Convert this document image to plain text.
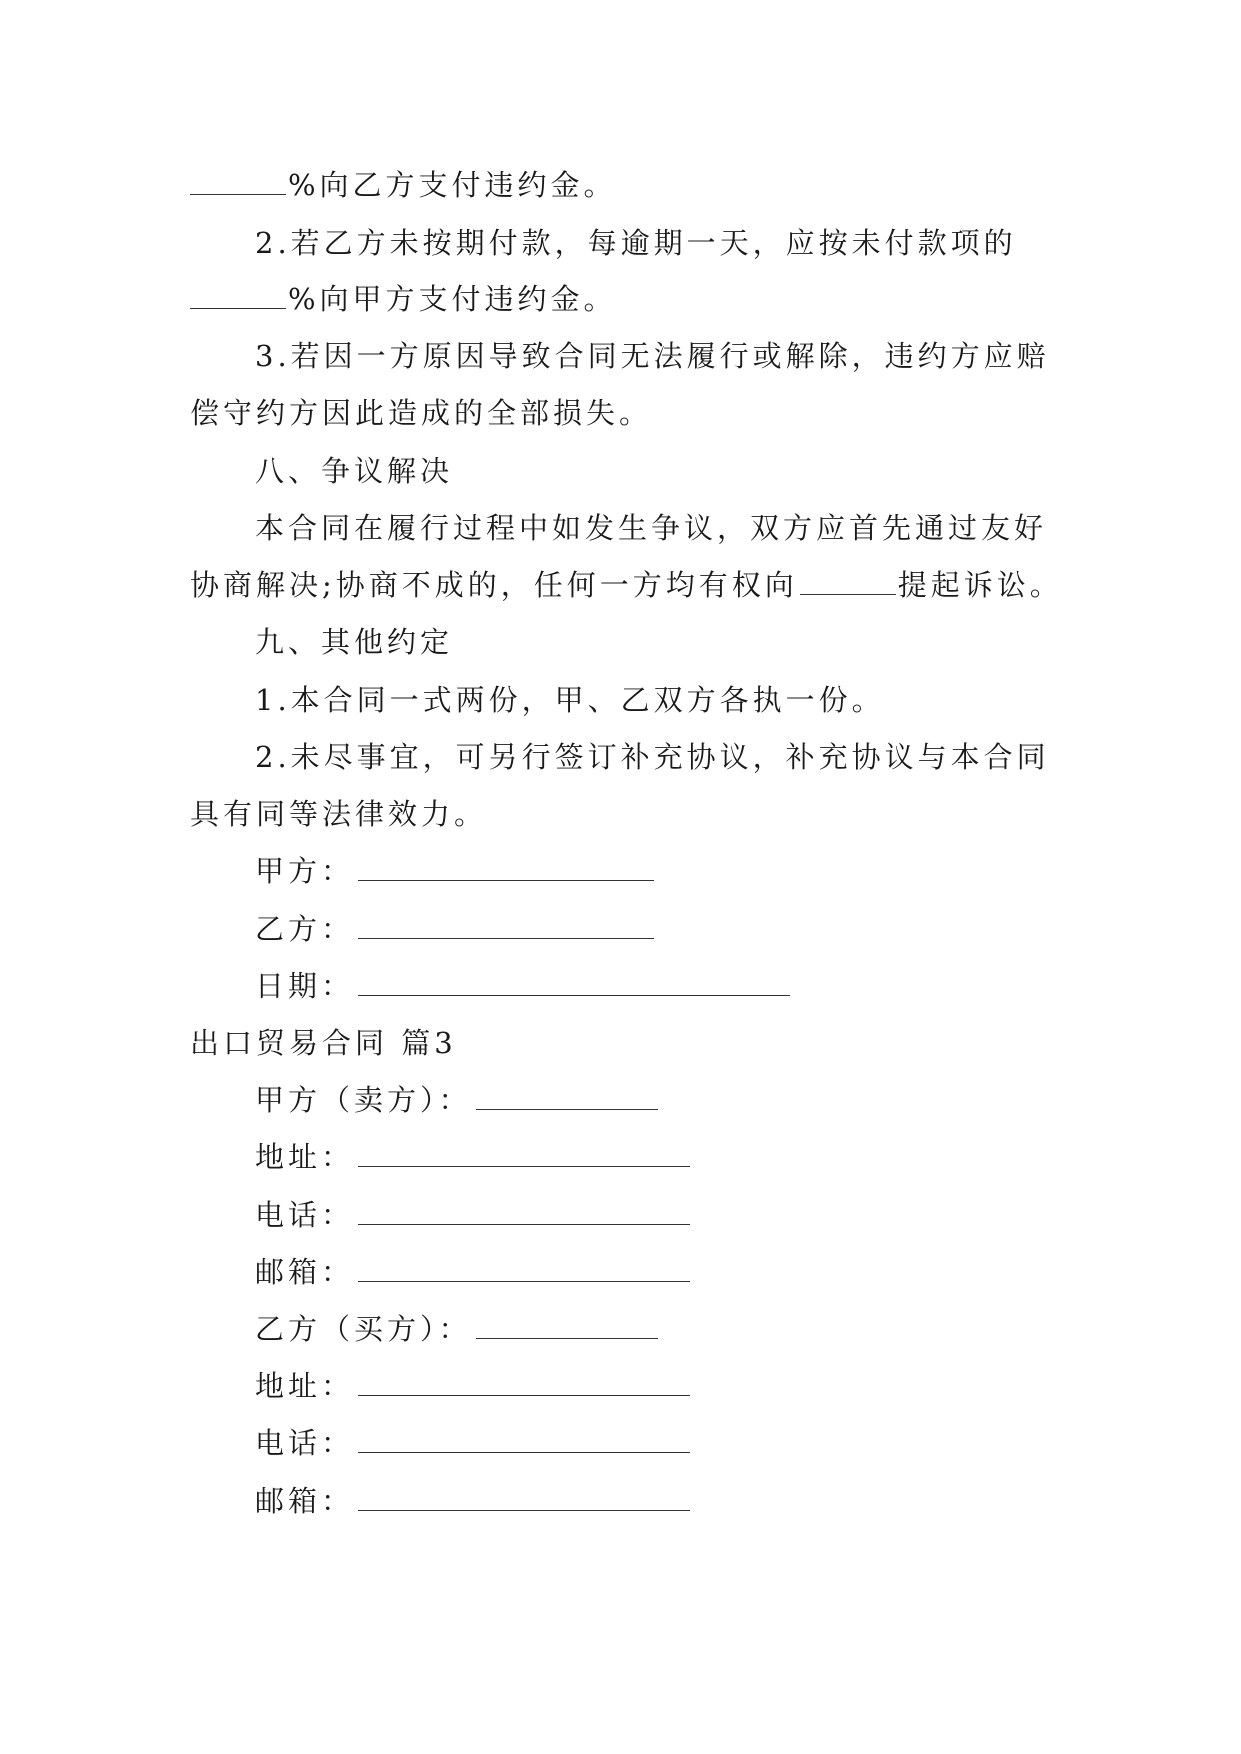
%向乙方支付违约金。
2.若乙方未按期付款，每逾期一天，应按未付款项的
%向甲方支付违约金。
3.若因一方原因导致合同无法履行或解除，违约方应赔
偿守约方因此造成的全部损失。
八、争议解决
本合同在履行过程中如发生争议，双方应首先通过友好
协商解决;协商不成的，任何一方均有权向	提起诉讼。
九、其他约定
1.本合同一式两份，甲、乙双方各执一份。
2.未尽事宜，可另行签订补充协议，补充协议与本合同
具有同等法律效力。
甲方：
乙方：
日期：
出口贸易合同 篇3
甲方（卖方）：
地址：
电话：
邮箱：
乙方（买方）：
地址：
电话：
邮箱：
